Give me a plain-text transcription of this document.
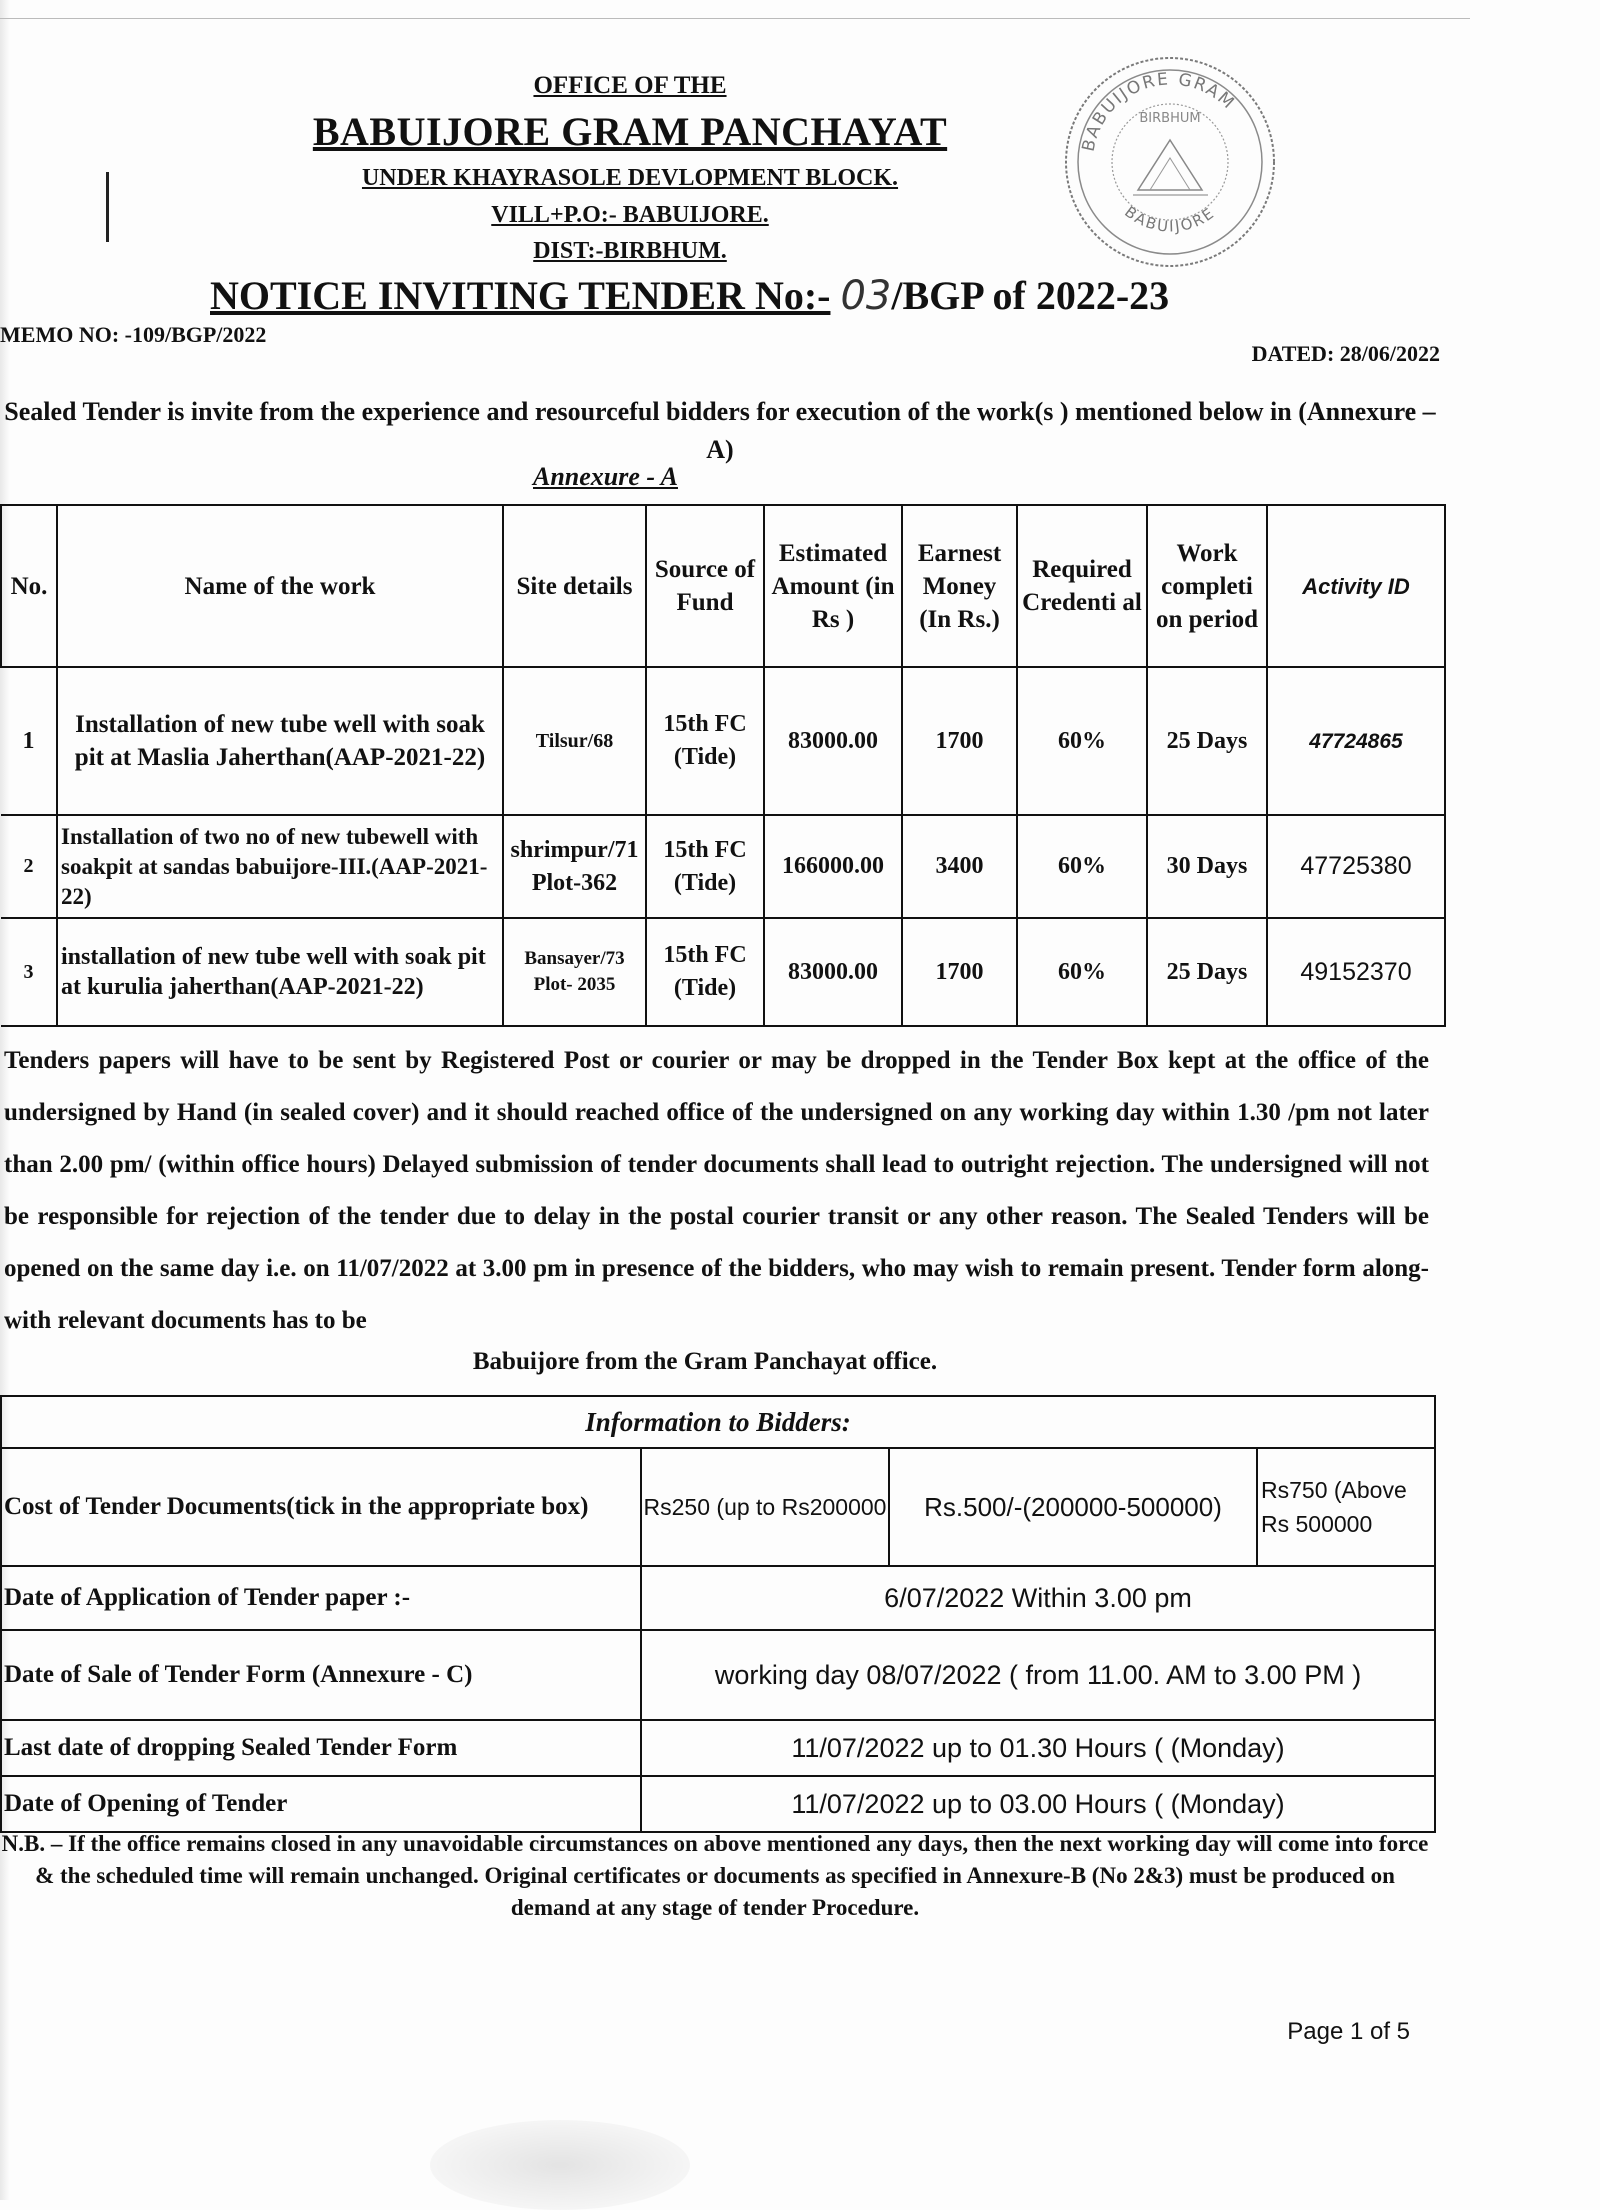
BABUIJORE GRAM
BABUIJORE
BIRBHUM
OFFICE OF THE
BABUIJORE GRAM PANCHAYAT
UNDER KHAYRASOLE DEVLOPMENT BLOCK.
VILL+P.O:- BABUIJORE.
DIST:-BIRBHUM.
NOTICE INVITING TENDER No:- 03/BGP of 2022-23
MEMO NO: -109/BGP/2022
DATED: 28/06/2022
Sealed Tender is invite from the experience and resourceful bidders for execution of the work(s ) mentioned below in (Annexure – A)
Annexure - A
No.	Name of the work	Site details	Source of Fund	Estimated Amount (in Rs )	Earnest Money (In Rs.)	Required Credenti al	Work completi on period	Activity ID
1	Installation of new tube well with soak pit at Maslia Jaherthan(AAP-2021-22)	Tilsur/68	15th FC (Tide)	83000.00	1700	60%	25 Days	47724865
2	Installation of two no of new tubewell with soakpit at sandas babuijore-III.(AAP-2021-22)	shrimpur/71 Plot-362	15th FC (Tide)	166000.00	3400	60%	30 Days	47725380
3	installation of new tube well with soak pit at kurulia jaherthan(AAP-2021-22)	Bansayer/73 Plot- 2035	15th FC (Tide)	83000.00	1700	60%	25 Days	49152370
Tenders papers will have to be sent by Registered Post or courier or may be dropped in the Tender Box kept at the office of the undersigned by Hand (in sealed cover) and it should reached office of the undersigned on any working day within 1.30 /pm not later than 2.00 pm/ (within office hours) Delayed submission of tender documents shall lead to outright rejection. The undersigned will not be responsible for rejection of the tender due to delay in the postal courier transit or any other reason. The Sealed Tenders will be opened on the same day i.e. on 11/07/2022 at 3.00 pm in presence of the bidders, who may wish to remain present. Tender form along-with relevant documents has to be
Babuijore from the Gram Panchayat office.
Information to Bidders:			
Cost of Tender Documents(tick in the appropriate box)	Rs250 (up to Rs200000	Rs.500/-(200000-500000)	Rs750 (Above Rs 500000
Date of Application of Tender paper :-	6/07/2022 Within 3.00 pm		
Date of Sale of Tender Form (Annexure - C)	working day 08/07/2022 ( from 11.00. AM to 3.00 PM )		
Last date of dropping Sealed Tender Form	11/07/2022 up to 01.30 Hours ( (Monday)		
Date of Opening of Tender	11/07/2022 up to 03.00 Hours ( (Monday)		
N.B. – If the office remains closed in any unavoidable circumstances on above mentioned any days, then the next working day will come into force & the scheduled time will remain unchanged. Original certificates or documents as specified in Annexure-B (No 2&3) must be produced on demand at any stage of tender Procedure.
Page 1 of 5
